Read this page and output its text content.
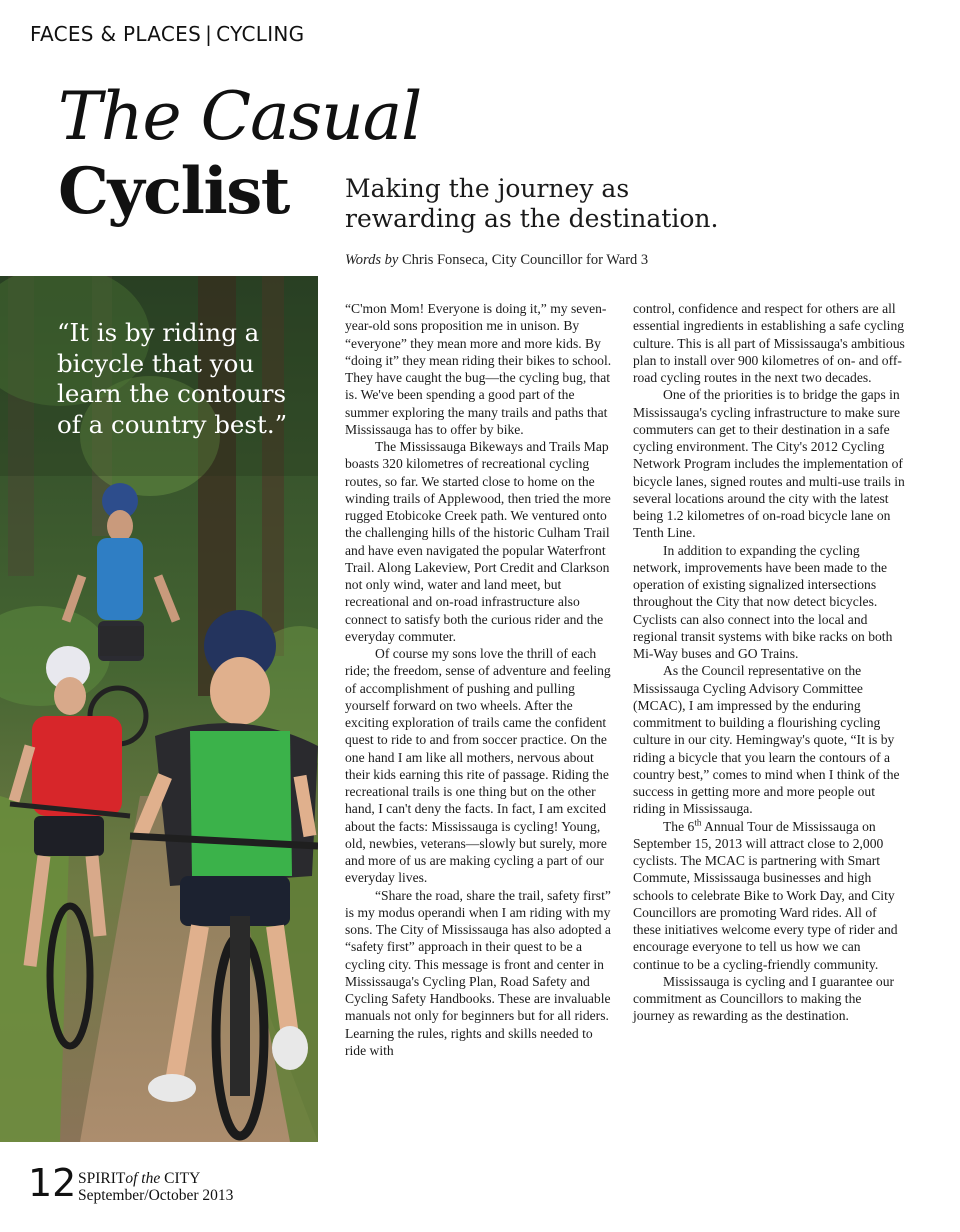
FACES & PLACES | CYCLING
The Casual
Cyclist Making the journey as rewarding as the destination.
Words by Chris Fonseca, City Councillor for Ward 3
“It is by riding a bicycle that you learn the contours of a country best.”

“C'mon Mom! Everyone is doing it,” my seven-year-old sons proposition me in unison. By “everyone” they mean more and more kids. By “doing it” they mean riding their bikes to school. They have caught the bug—the cycling bug, that is. We've been spending a good part of the summer exploring the many trails and paths that Mississauga has to offer by bike.

The Mississauga Bikeways and Trails Map boasts 320 kilometres of recreational cycling routes, so far. We started close to home on the winding trails of Applewood, then tried the more rugged Etobicoke Creek path. We ventured onto the challenging hills of the historic Culham Trail and have even navigated the popular Waterfront Trail. Along Lakeview, Port Credit and Clarkson not only wind, water and land meet, but recreational and on-road infrastructure also connect to satisfy both the curious rider and the everyday commuter.

Of course my sons love the thrill of each ride; the freedom, sense of adventure and feeling of accomplishment of pushing and pulling yourself forward on two wheels. After the exciting exploration of trails came the confident quest to ride to and from soccer practice. On the one hand I am like all mothers, nervous about their kids earning this rite of passage. Riding the recreational trails is one thing but on the other hand, I can't deny the facts. In fact, I am excited about the facts: Mississauga is cycling! Young, old, newbies, veterans—slowly but surely, more and more of us are making cycling a part of our everyday lives.

“Share the road, share the trail, safety first” is my modus operandi when I am riding with my sons. The City of Mississauga has also adopted a “safety first” approach in their quest to be a cycling city. This message is front and center in Mississauga's Cycling Plan, Road Safety and Cycling Safety Handbooks. These are invaluable manuals not only for beginners but for all riders. Learning the rules, rights and skills needed to ride with

control, confidence and respect for others are all essential ingredients in establishing a safe cycling culture. This is all part of Mississauga's ambitious plan to install over 900 kilometres of on- and off-road cycling routes in the next two decades.

One of the priorities is to bridge the gaps in Mississauga's cycling infrastructure to make sure commuters can get to their destination in a safe cycling environment. The City's 2012 Cycling Network Program includes the implementation of bicycle lanes, signed routes and multi-use trails in several locations around the city with the latest being 1.2 kilometres of on-road bicycle lane on Tenth Line.

In addition to expanding the cycling network, improvements have been made to the operation of existing signalized intersections throughout the City that now detect bicycles. Cyclists can also connect into the local and regional transit systems with bike racks on both Mi-Way buses and GO Trains.

As the Council representative on the Mississauga Cycling Advisory Committee (MCAC), I am impressed by the enduring commitment to building a flourishing cycling culture in our city. Hemingway's quote, “It is by riding a bicycle that you learn the contours of a country best,” comes to mind when I think of the success in getting more and more people out riding in Mississauga.

The 6th Annual Tour de Mississauga on September 15, 2013 will attract close to 2,000 cyclists. The MCAC is partnering with Smart Commute, Mississauga businesses and high schools to celebrate Bike to Work Day, and City Councillors are promoting Ward rides. All of these initiatives welcome every type of rider and encourage everyone to tell us how we can continue to be a cycling-friendly community.

Mississauga is cycling and I guarantee our commitment as Councillors to making the journey as rewarding as the destination.

12 SPIRITof the CITY
September/October 2013
